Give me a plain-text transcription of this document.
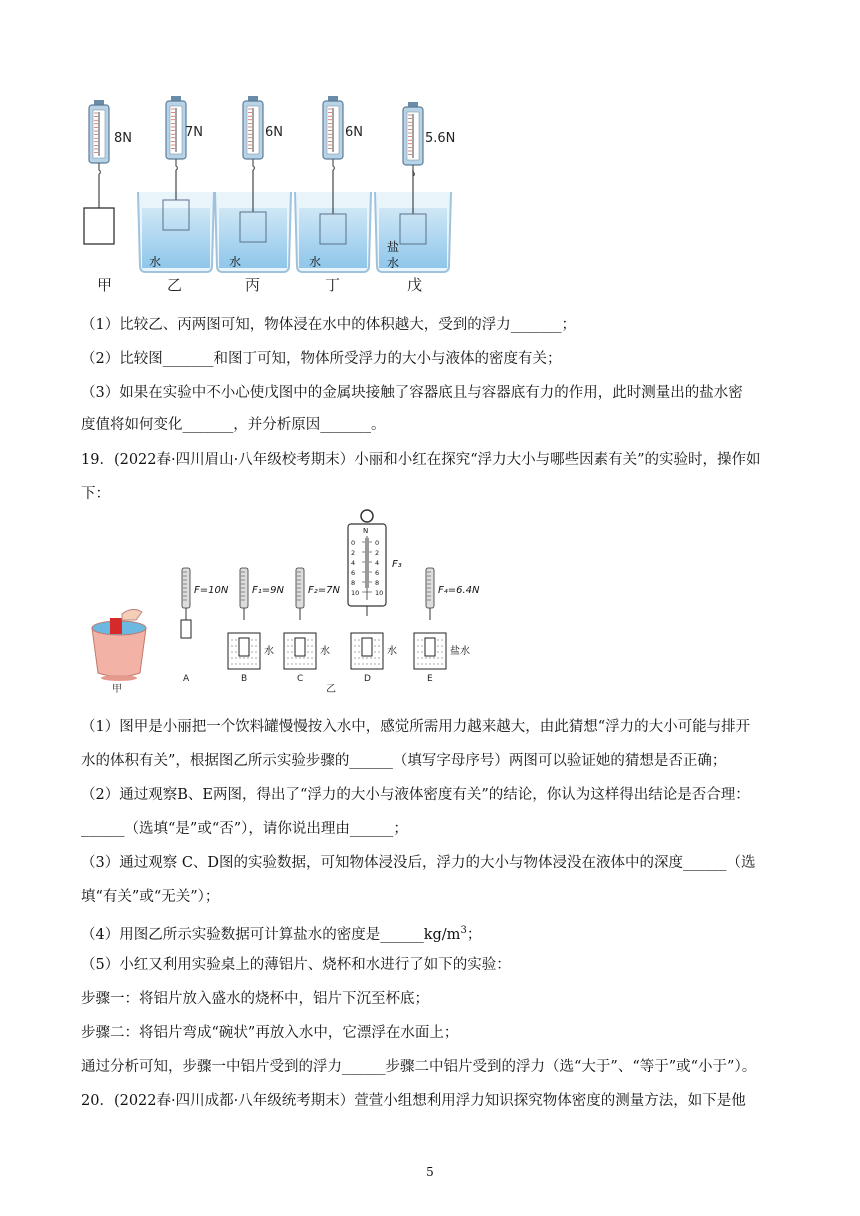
甲	乙	丙	丁	戊
8N	7N	6N	6N	5.6N
水	水	水
盐
水
（1）比较乙、丙两图可知，物体浸在水中的体积越大，受到的浮力_______；
（2）比较图_______和图丁可知，物体所受浮力的大小与液体的密度有关；
（3）如果在实验中不小心使戊图中的金属块接触了容器底且与容器底有力的作用，此时测量出的盐水密
度值将如何变化_______，并分析原因_______。
19．(2022春·四川眉山·八年级校考期末）小丽和小红在探究“浮力大小与哪些因素有关”的实验时，操作如
下：
甲
F=10N
A
F₁=9N
水
B
F₂=7N
水
C
水
D
F₄=6.4N
盐水
E
N
0	0
2	2
4	4
6	6
8	8
10 10
F₃
乙
（1）图甲是小丽把一个饮料罐慢慢按入水中，感觉所需用力越来越大，由此猜想“浮力的大小可能与排开
水的体积有关”，根据图乙所示实验步骤的______（填写字母序号）两图可以验证她的猜想是否正确；
（2）通过观察B、E两图，得出了“浮力的大小与液体密度有关”的结论，你认为这样得出结论是否合理：
______（选填“是”或“否”），请你说出理由______；
（3）通过观察 C、D图的实验数据，可知物体浸没后，浮力的大小与物体浸没在液体中的深度______（选
填“有关”或“无关”）；
（4）用图乙所示实验数据可计算盐水的密度是$\_\_\_\_\_\_kg/m^3$；
（5）小红又利用实验桌上的薄铝片、烧杯和水进行了如下的实验：
步骤一：将铝片放入盛水的烧杯中，铝片下沉至杯底；
步骤二：将铝片弯成“碗状”再放入水中，它漂浮在水面上；
通过分析可知，步骤一中铝片受到的浮力______步骤二中铝片受到的浮力（选“大于”、“等于”或“小于”）。
20．(2022春·四川成都·八年级统考期末）萱萱小组想利用浮力知识探究物体密度的测量方法，如下是他
5
